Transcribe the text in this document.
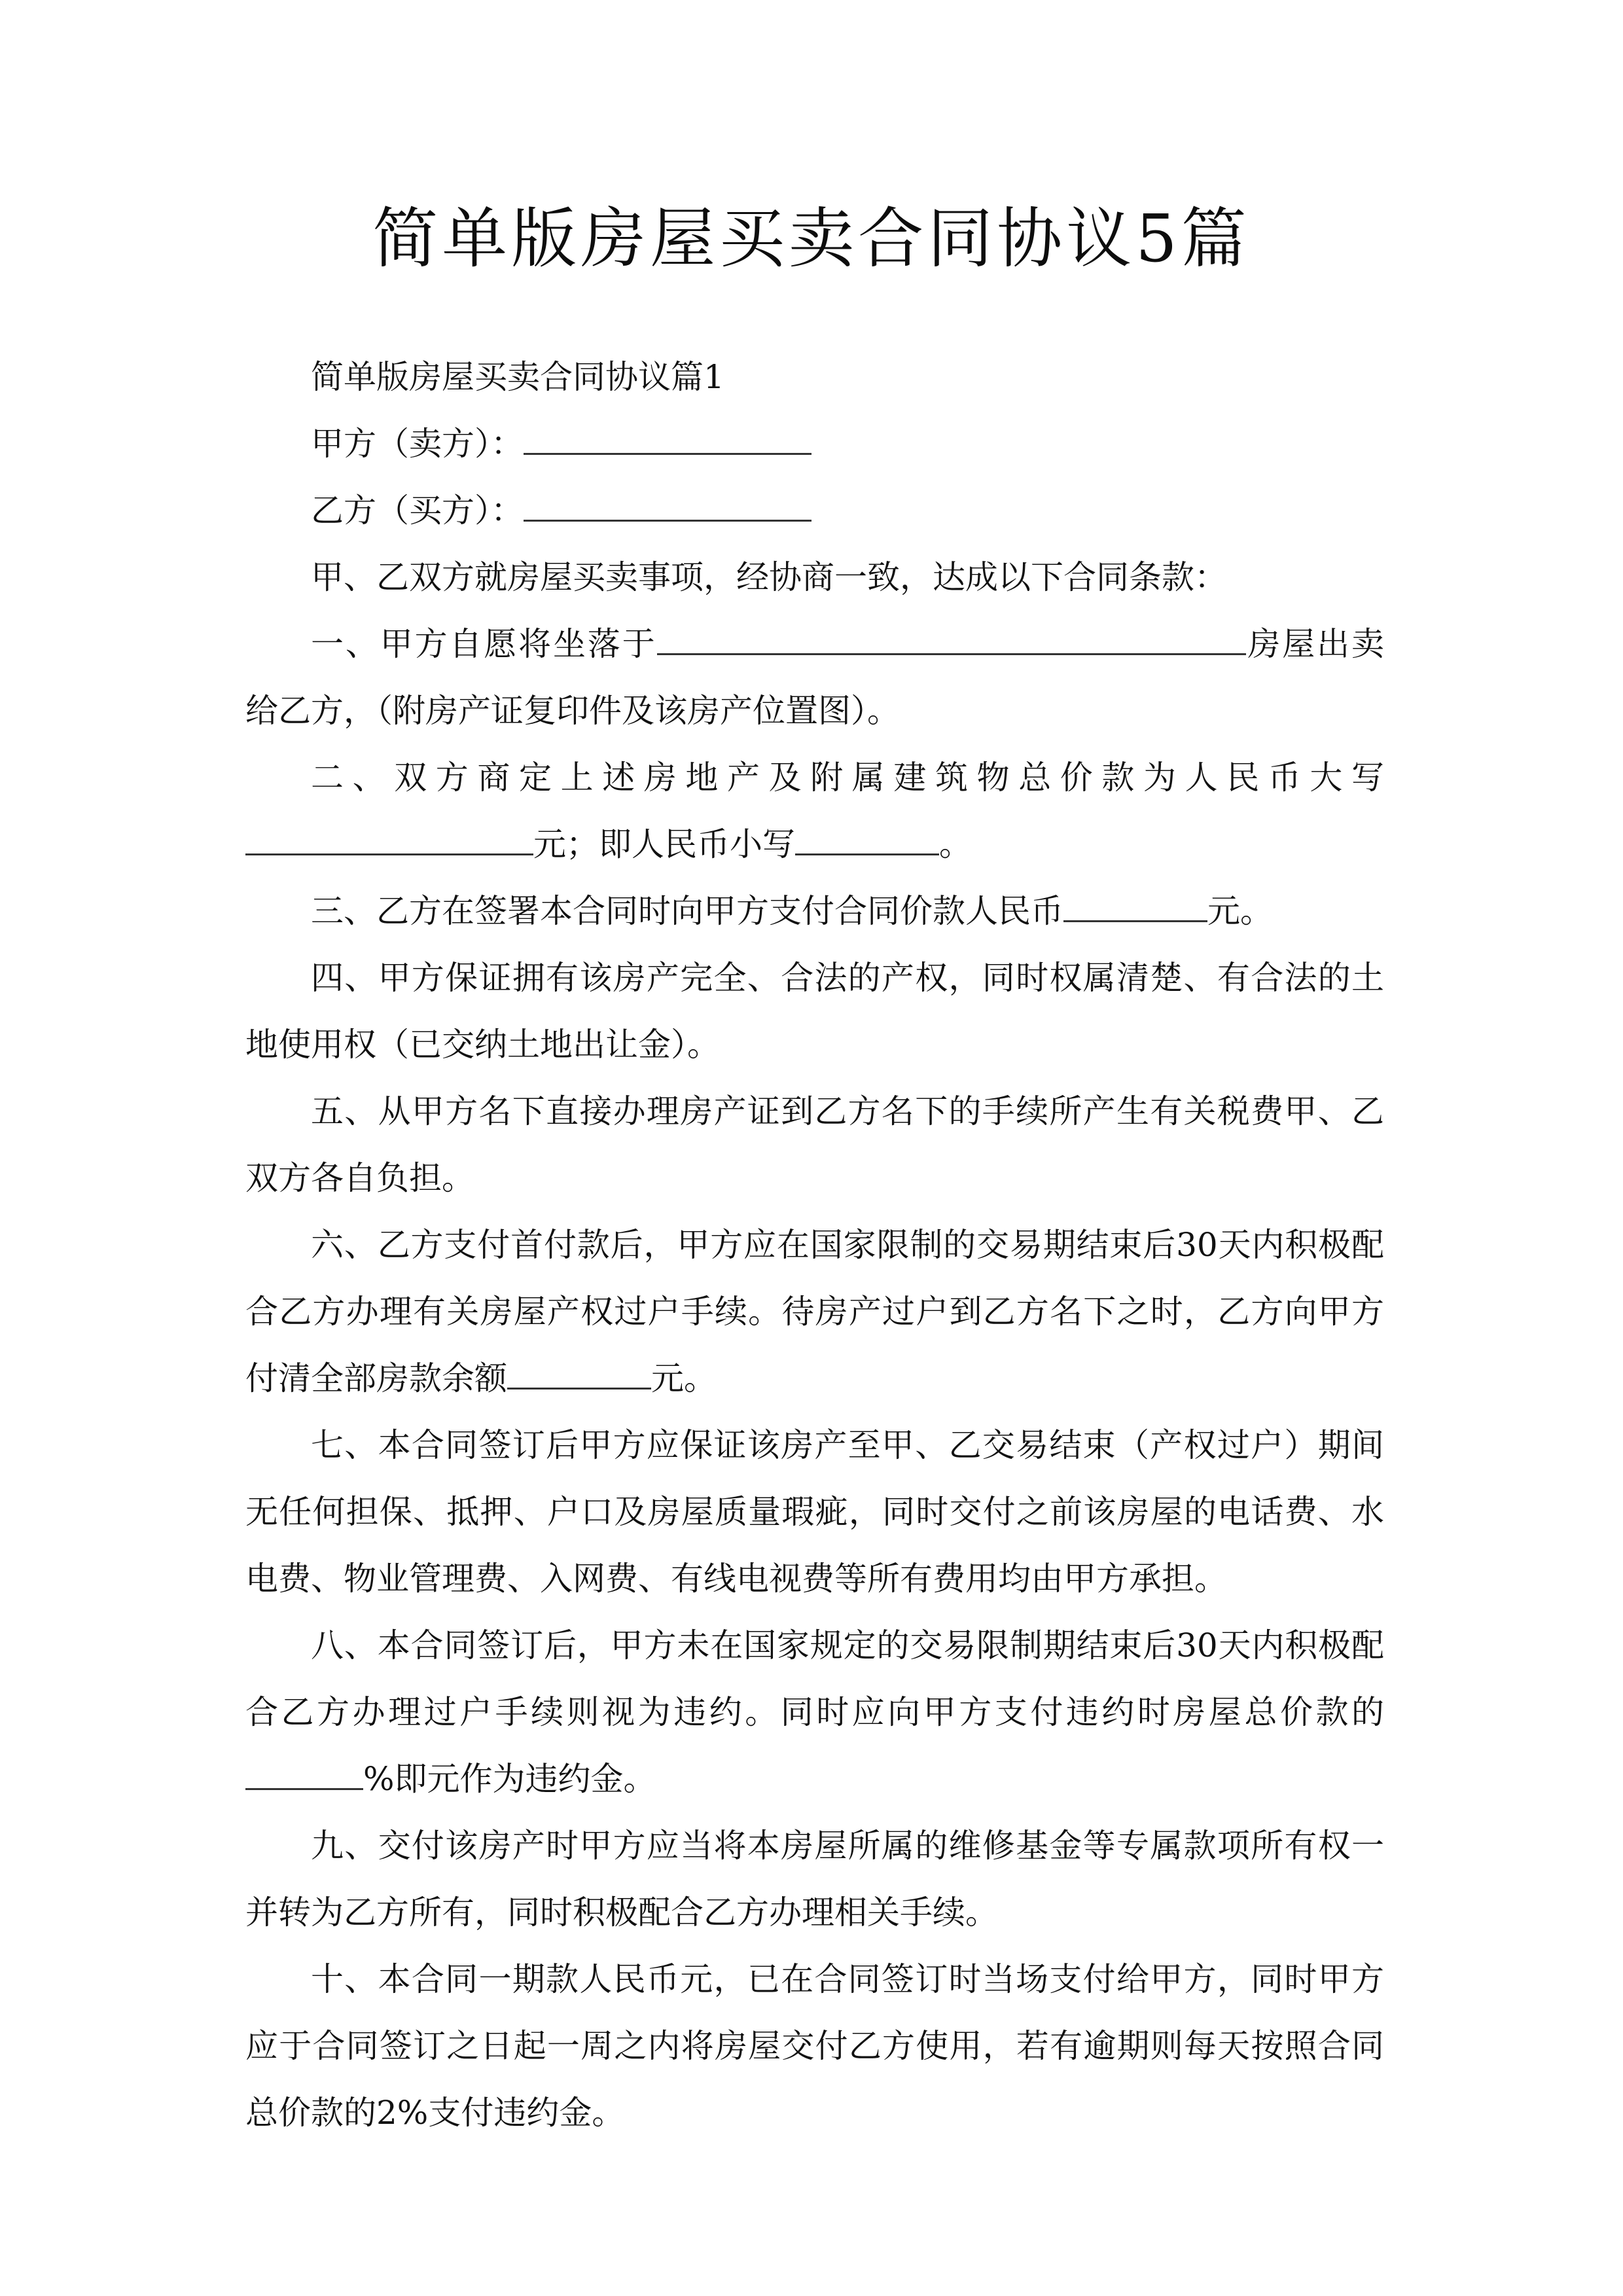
简单版房屋买卖合同协议5篇

简单版房屋买卖合同协议篇1

甲方（卖方）：

乙方（买方）：

甲、乙双方就房屋买卖事项，经协商一致，达成以下合同条款：

一、甲方自愿将坐落于	房屋出卖给乙方，（附房产证复印件及该房产位置图）。

二、双方商定上述房地产及附属建筑物总价款为人民币大写元；即人民币小写	。

三、乙方在签署本合同时向甲方支付合同价款人民币	元。

四、甲方保证拥有该房产完全、合法的产权，同时权属清楚、有合法的土地使用权（已交纳土地出让金）。

五、从甲方名下直接办理房产证到乙方名下的手续所产生有关税费甲、乙双方各自负担。

六、乙方支付首付款后，甲方应在国家限制的交易期结束后30天内积极配合乙方办理有关房屋产权过户手续。待房产过户到乙方名下之时，乙方向甲方付清全部房款余额	元。

七、本合同签订后甲方应保证该房产至甲、乙交易结束（产权过户）期间无任何担保、抵押、户口及房屋质量瑕疵，同时交付之前该房屋的电话费、水电费、物业管理费、入网费、有线电视费等所有费用均由甲方承担。

八、本合同签订后，甲方未在国家规定的交易限制期结束后30天内积极配合乙方办理过户手续则视为违约。同时应向甲方支付违约时房屋总价款的%即元作为违约金。

九、交付该房产时甲方应当将本房屋所属的维修基金等专属款项所有权一并转为乙方所有，同时积极配合乙方办理相关手续。

十、本合同一期款人民币元，已在合同签订时当场支付给甲方，同时甲方应于合同签订之日起一周之内将房屋交付乙方使用，若有逾期则每天按照合同总价款的2%支付违约金。
